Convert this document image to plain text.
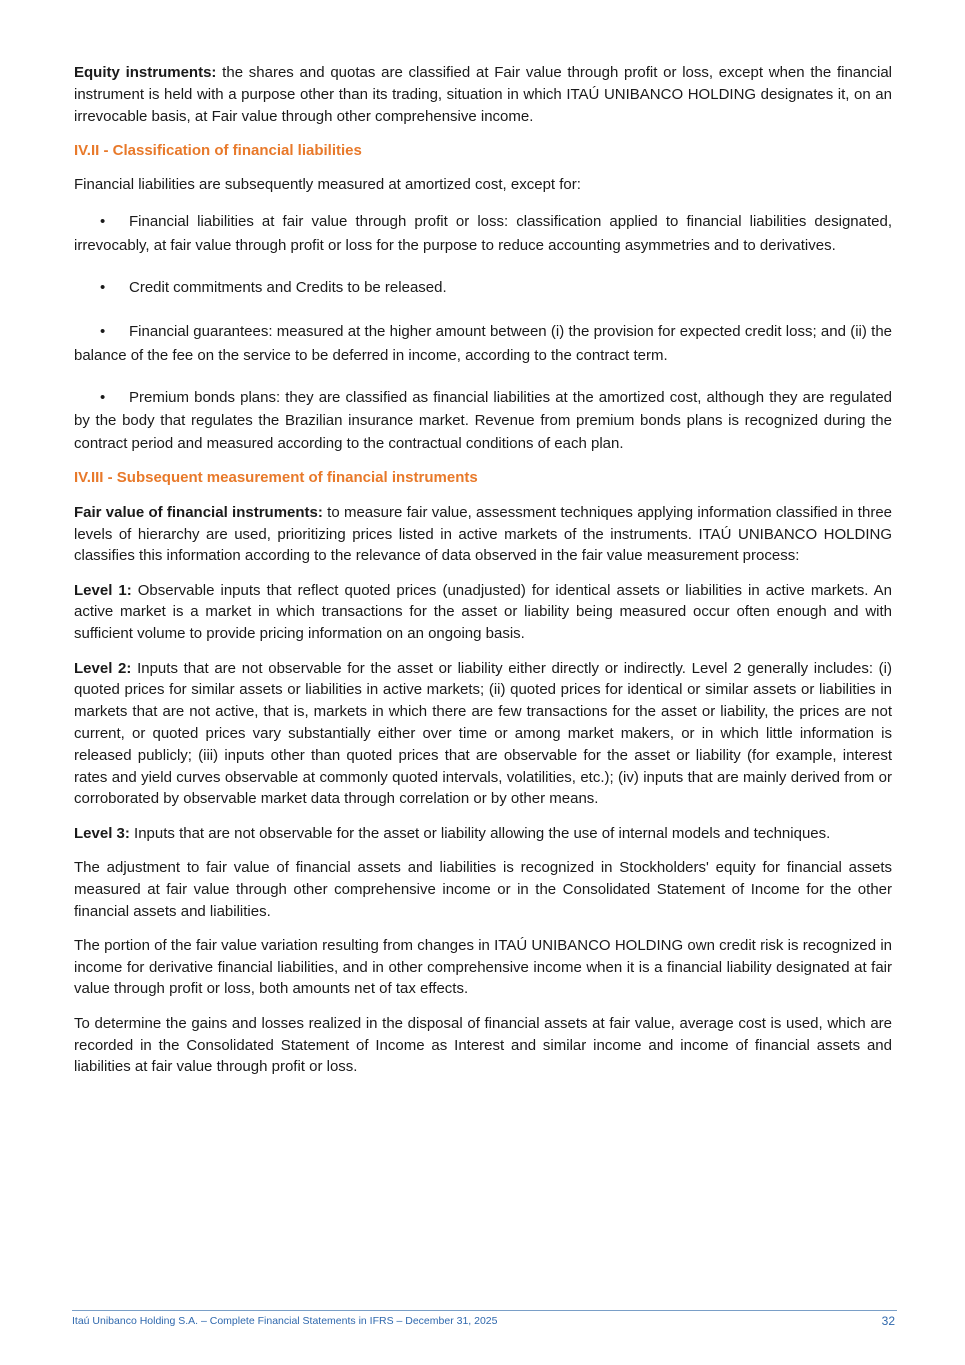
Equity instruments: the shares and quotas are classified at Fair value through profit or loss, except when the financial instrument is held with a purpose other than its trading, situation in which ITAÚ UNIBANCO HOLDING designates it, on an irrevocable basis, at Fair value through other comprehensive income.

IV.II - Classification of financial liabilities

Financial liabilities are subsequently measured at amortized cost, except for:

• Financial liabilities at fair value through profit or loss: classification applied to financial liabilities designated, irrevocably, at fair value through profit or loss for the purpose to reduce accounting asymmetries and to derivatives.

• Credit commitments and Credits to be released.

• Financial guarantees: measured at the higher amount between (i) the provision for expected credit loss; and (ii) the balance of the fee on the service to be deferred in income, according to the contract term.

• Premium bonds plans: they are classified as financial liabilities at the amortized cost, although they are regulated by the body that regulates the Brazilian insurance market. Revenue from premium bonds plans is recognized during the contract period and measured according to the contractual conditions of each plan.

IV.III - Subsequent measurement of financial instruments

Fair value of financial instruments: to measure fair value, assessment techniques applying information classified in three levels of hierarchy are used, prioritizing prices listed in active markets of the instruments. ITAÚ UNIBANCO HOLDING classifies this information according to the relevance of data observed in the fair value measurement process:

Level 1: Observable inputs that reflect quoted prices (unadjusted) for identical assets or liabilities in active markets. An active market is a market in which transactions for the asset or liability being measured occur often enough and with sufficient volume to provide pricing information on an ongoing basis.

Level 2: Inputs that are not observable for the asset or liability either directly or indirectly. Level 2 generally includes: (i) quoted prices for similar assets or liabilities in active markets; (ii) quoted prices for identical or similar assets or liabilities in markets that are not active, that is, markets in which there are few transactions for the asset or liability, the prices are not current, or quoted prices vary substantially either over time or among market makers, or in which little information is released publicly; (iii) inputs other than quoted prices that are observable for the asset or liability (for example, interest rates and yield curves observable at commonly quoted intervals, volatilities, etc.); (iv) inputs that are mainly derived from or corroborated by observable market data through correlation or by other means.

Level 3: Inputs that are not observable for the asset or liability allowing the use of internal models and techniques.

The adjustment to fair value of financial assets and liabilities is recognized in Stockholders' equity for financial assets measured at fair value through other comprehensive income or in the Consolidated Statement of Income for the other financial assets and liabilities.

The portion of the fair value variation resulting from changes in ITAÚ UNIBANCO HOLDING own credit risk is recognized in income for derivative financial liabilities, and in other comprehensive income when it is a financial liability designated at fair value through profit or loss, both amounts net of tax effects.

To determine the gains and losses realized in the disposal of financial assets at fair value, average cost is used, which are recorded in the Consolidated Statement of Income as Interest and similar income and income of financial assets and liabilities at fair value through profit or loss.

Itaú Unibanco Holding S.A. – Complete Financial Statements in IFRS – December 31, 2025	32
